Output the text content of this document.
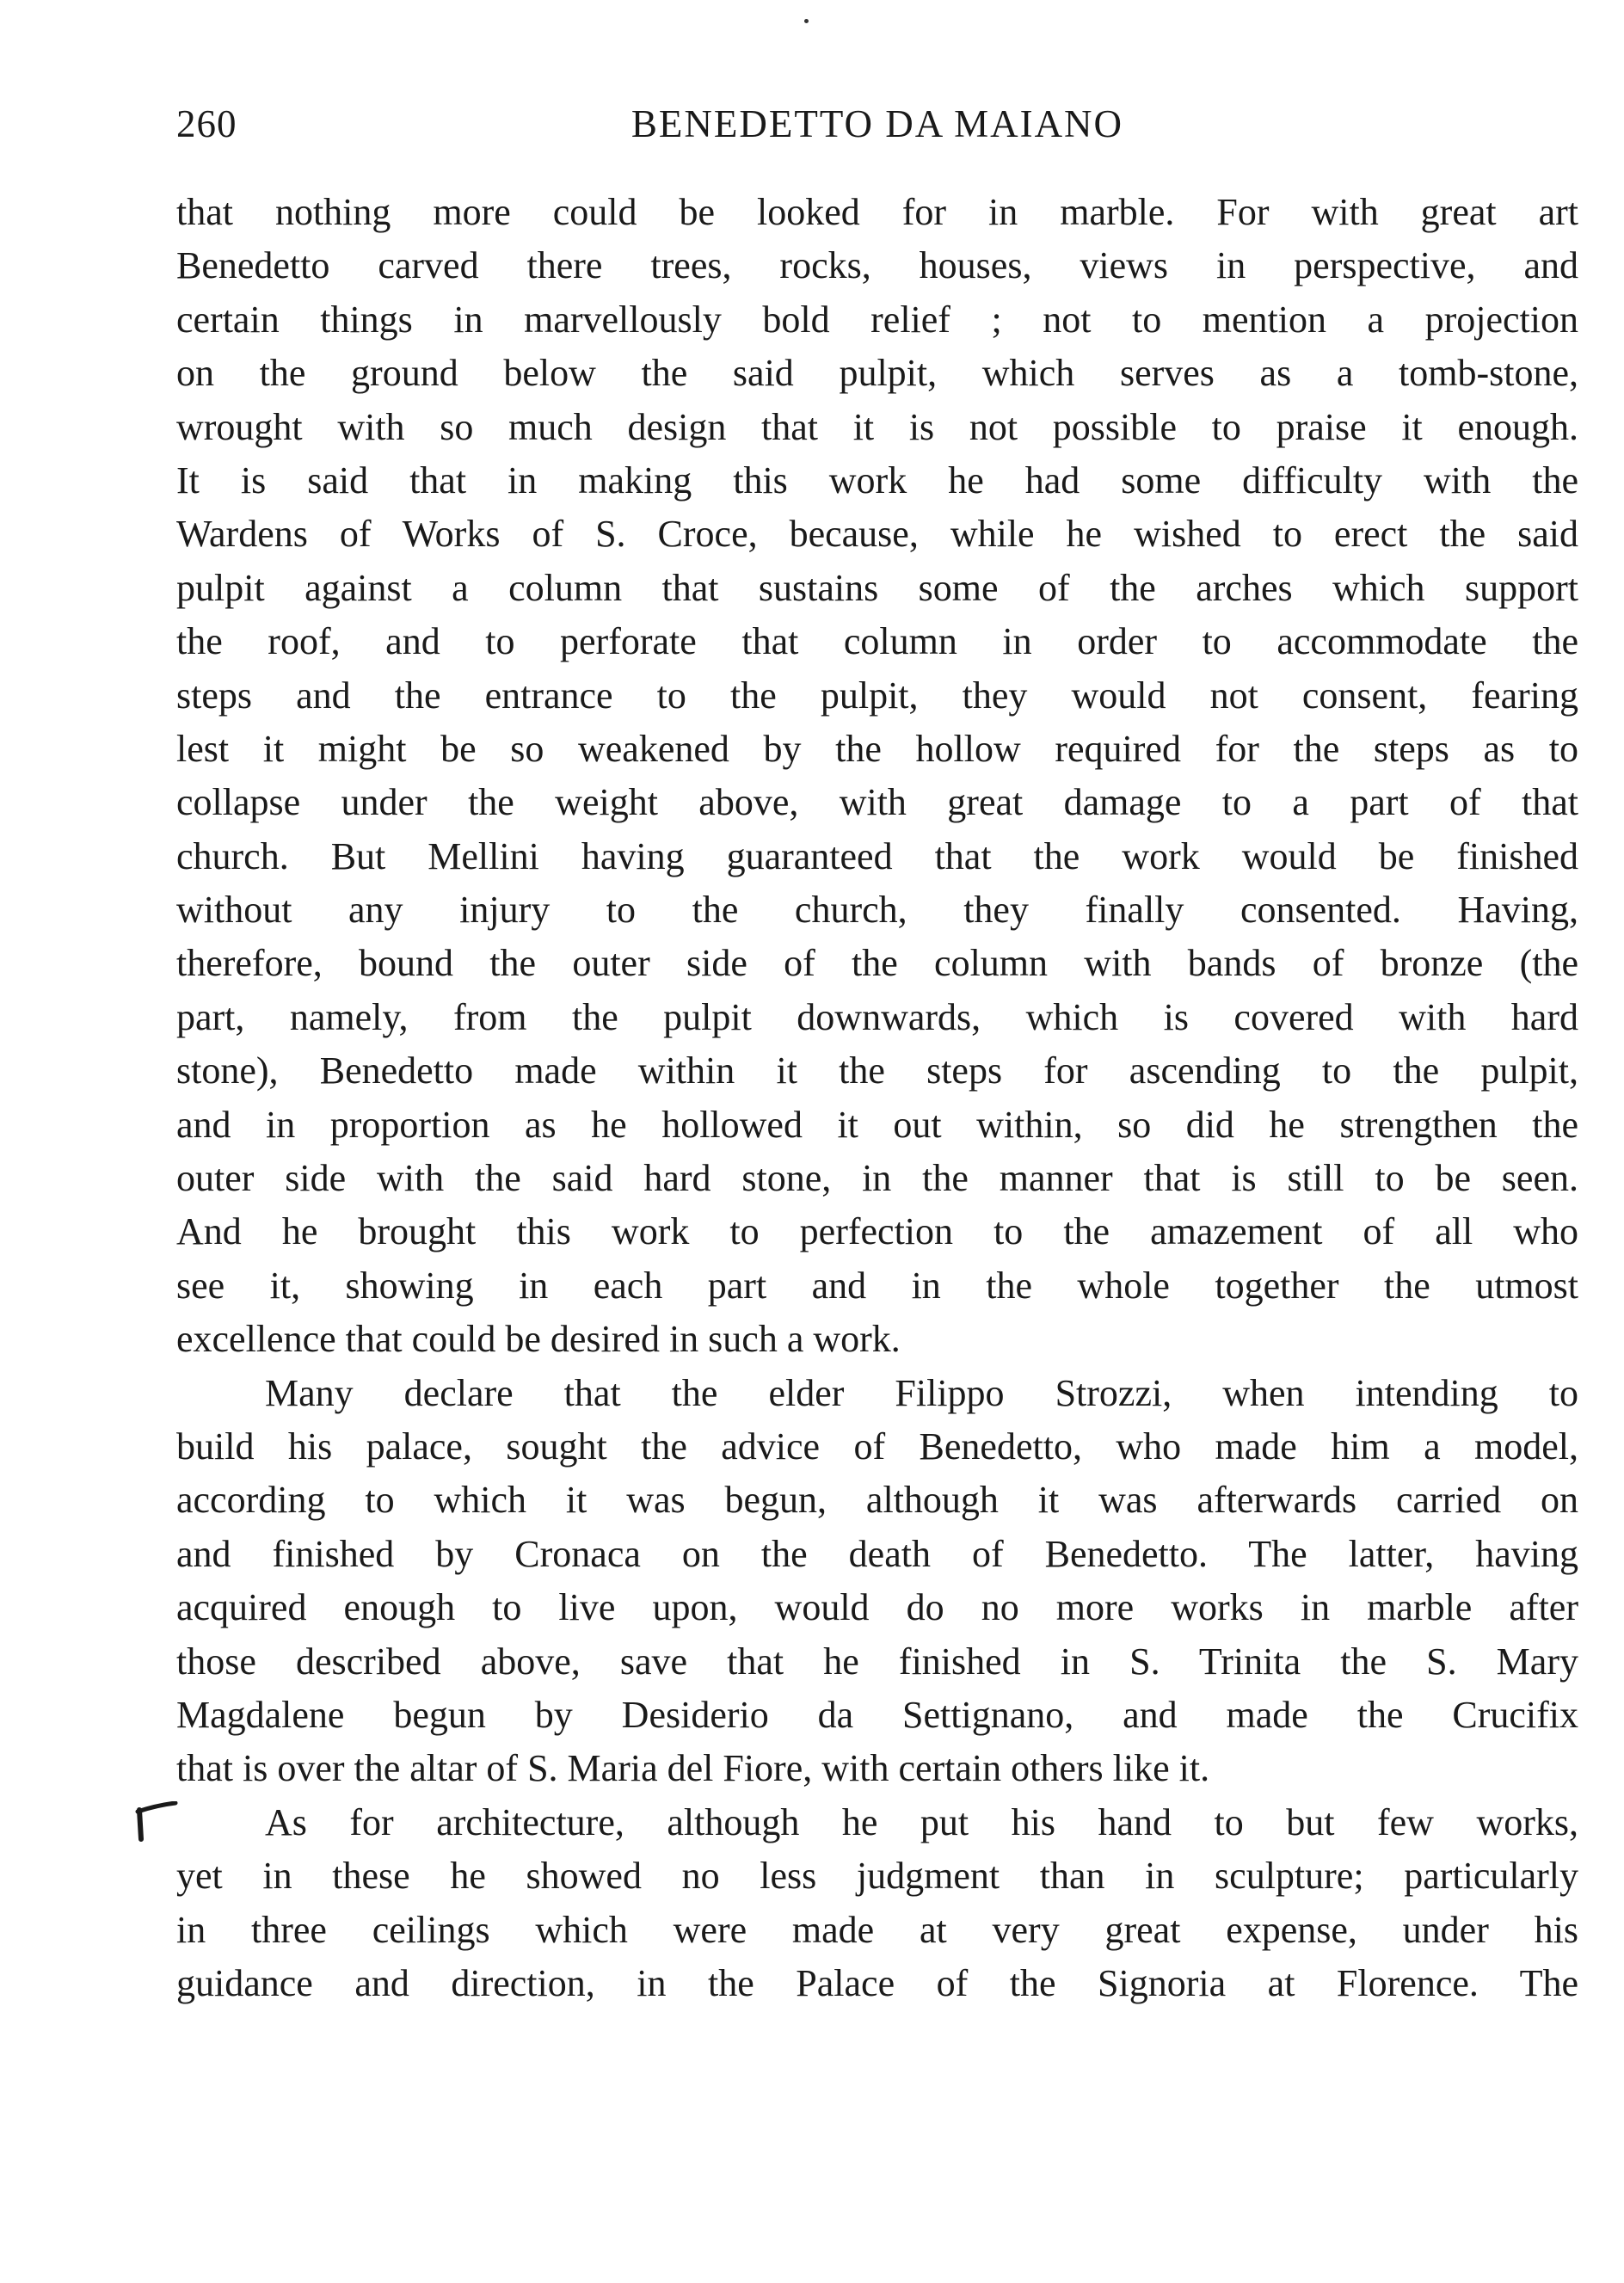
260	BENEDETTO DA MAIANO
that nothing more could be looked for in marble. For with great art
Benedetto carved there trees, rocks, houses, views in perspective, and
certain things in marvellously bold relief ; not to mention a projection
on the ground below the said pulpit, which serves as a tomb-stone,
wrought with so much design that it is not possible to praise it enough.
It is said that in making this work he had some difficulty with the
Wardens of Works of S. Croce, because, while he wished to erect the said
pulpit against a column that sustains some of the arches which support
the roof, and to perforate that column in order to accommodate the
steps and the entrance to the pulpit, they would not consent, fearing
lest it might be so weakened by the hollow required for the steps as to
collapse under the weight above, with great damage to a part of that
church. But Mellini having guaranteed that the work would be finished
without any injury to the church, they finally consented. Having,
therefore, bound the outer side of the column with bands of bronze (the
part, namely, from the pulpit downwards, which is covered with hard
stone), Benedetto made within it the steps for ascending to the pulpit,
and in proportion as he hollowed it out within, so did he strengthen the
outer side with the said hard stone, in the manner that is still to be seen.
And he brought this work to perfection to the amazement of all who
see it, showing in each part and in the whole together the utmost
excellence that could be desired in such a work.
Many declare that the elder Filippo Strozzi, when intending to
build his palace, sought the advice of Benedetto, who made him a model,
according to which it was begun, although it was afterwards carried on
and finished by Cronaca on the death of Benedetto. The latter, having
acquired enough to live upon, would do no more works in marble after
those described above, save that he finished in S. Trinita the S. Mary
Magdalene begun by Desiderio da Settignano, and made the Crucifix
that is over the altar of S. Maria del Fiore, with certain others like it.
As for architecture, although he put his hand to but few works,
yet in these he showed no less judgment than in sculpture; particularly
in three ceilings which were made at very great expense, under his
guidance and direction, in the Palace of the Signoria at Florence. The
